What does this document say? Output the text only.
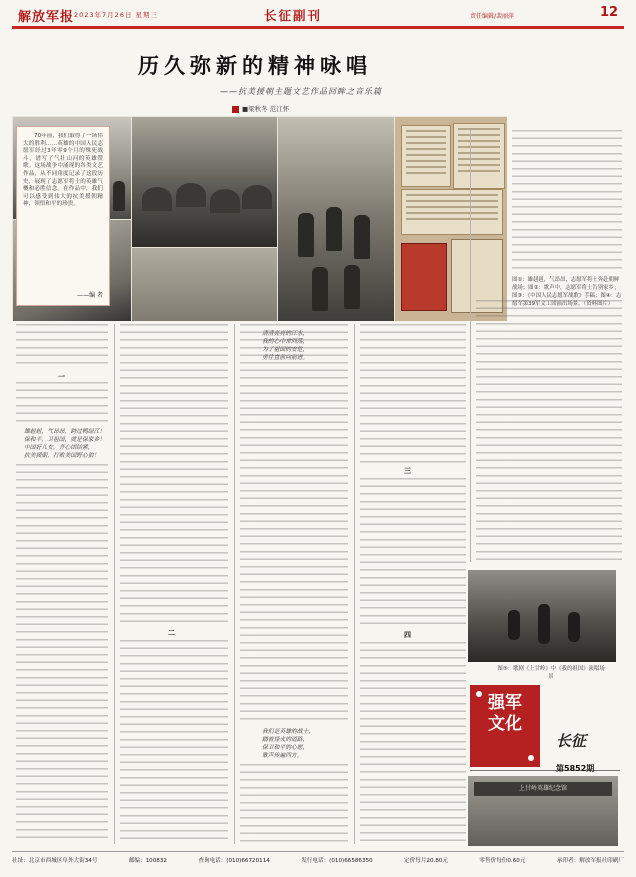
解放军报 2023年7月26日 星期三	长征副刊	责任编辑/裴丽萍	12
历久弥新的精神咏唱
——抗美援朝主题文艺作品回眸之音乐篇
■梁秋冬 范江怀
图①：雄赳赳，气昂昂，志愿军将士奔赴朝鲜战场；图②：歌声中，志愿军将士告别家乡；图③：《中国人民志愿军战歌》手稿；图④：志愿军第39军文工团演出场景。（资料图片）

70年前，我们取得了一场伟大的胜利……英雄的中国人民志愿军经过3年零9个月的殊死战斗，谱写了气壮山河的英雄赞歌。这场战争中涌现的各类文艺作品，从不同角度记录了这段历史，展现了志愿军将士的英雄气概和必胜信念。在作品中，我们可以感受到伟大的抗美援朝精神，领悟和平的珍贵。

——编 者
一
雄赳赳，气昂昂，跨过鸭绿江！
保和平，卫祖国，就是保家乡！
中国好儿女，齐心团结紧，
抗美援朝，打败美国野心狼！
二
清清亮亮的江水，
我的心中常回荡，
为了祖国的安危，
勇往直前向前进。
我们是英雄的战士，
踏着烽火的道路，
保卫和平的心愿，
歌声传遍四方。
三
四
图⑤：歌剧《上甘岭》中《我的祖国》演唱场景
强军
文化
长征
第5852期
上甘岭英雄纪念馆
社址：北京市西城区阜外大街34号	邮编：100832	查询电话：(010)66720114	发行电话：(010)66586350	定价每月20.80元	零售价每份0.60元	承印者：解放军报社印刷厂
